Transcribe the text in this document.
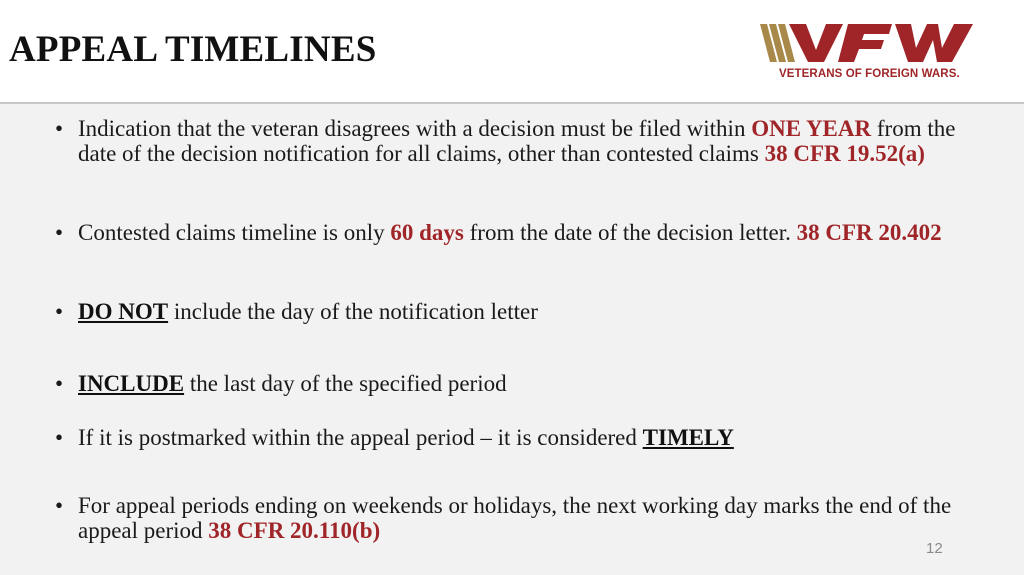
APPEAL TIMELINES
VETERANS OF FOREIGN WARS.
• Indication that the veteran disagrees with a decision must be filed within ONE YEAR from the date of the decision notification for all claims, other than contested claims 38 CFR 19.52(a)
• Contested claims timeline is only 60 days from the date of the decision letter. 38 CFR 20.402
• DO NOT include the day of the notification letter
• INCLUDE the last day of the specified period
• If it is postmarked within the appeal period – it is considered TIMELY
• For appeal periods ending on weekends or holidays, the next working day marks the end of the appeal period 38 CFR 20.110(b)
12
